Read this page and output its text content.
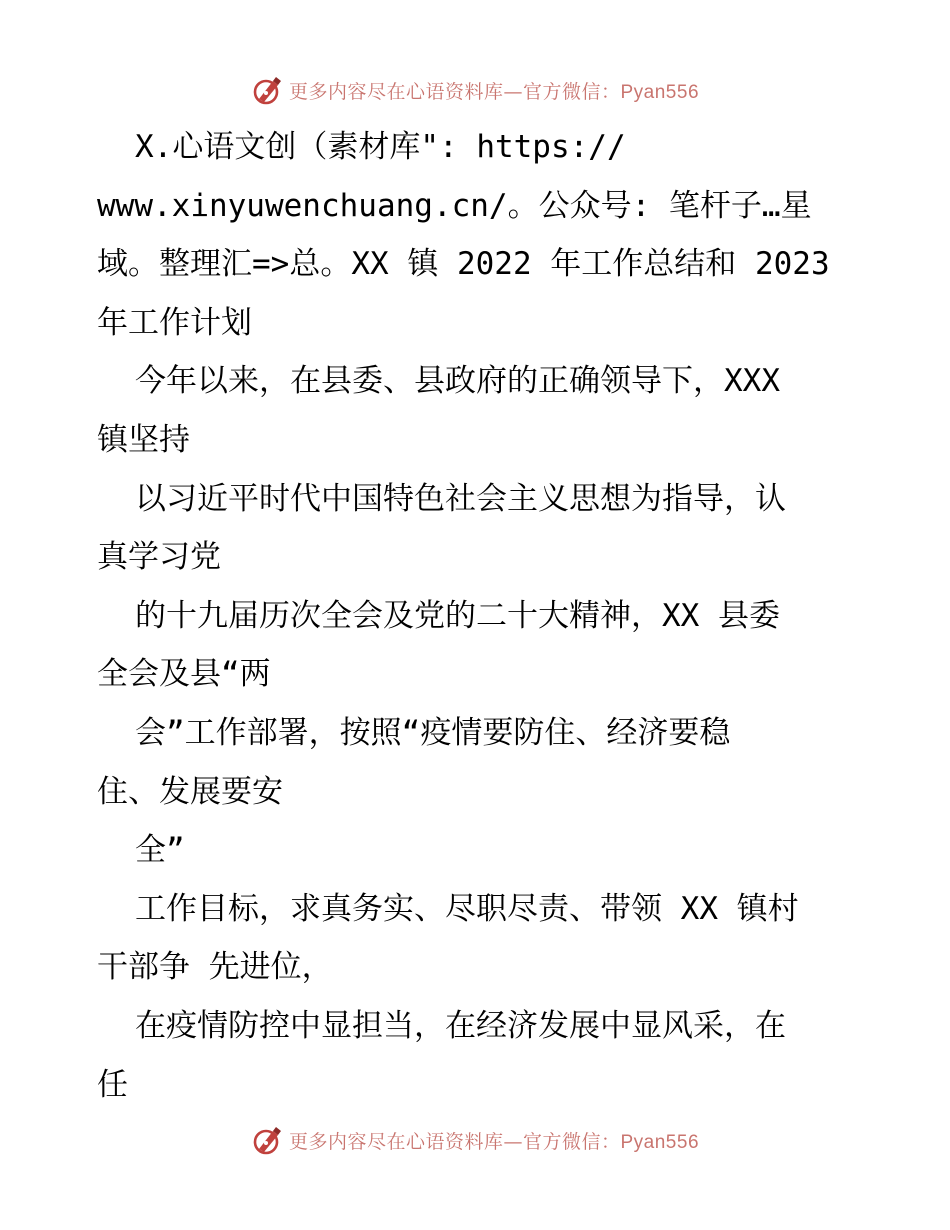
更多内容尽在心语资料库—官方微信：Pyan556
X.心语文创（素材库": https://
www.xinyuwenchuang.cn/。公众号: 笔杆子…星
域。整理汇=>总。XX 镇 2022 年工作总结和 2023
年工作计划
今年以来，在县委、县政府的正确领导下，XXX
镇坚持
以习近平时代中国特色社会主义思想为指导，认
真学习党
的十九届历次全会及党的二十大精神，XX 县委
全会及县“两
会”工作部署，按照“疫情要防住、经济要稳
住、发展要安
全”
工作目标，求真务实、尽职尽责、带领 XX 镇村
干部争 先进位，
在疫情防控中显担当，在经济发展中显风采，在
任
更多内容尽在心语资料库—官方微信：Pyan556
